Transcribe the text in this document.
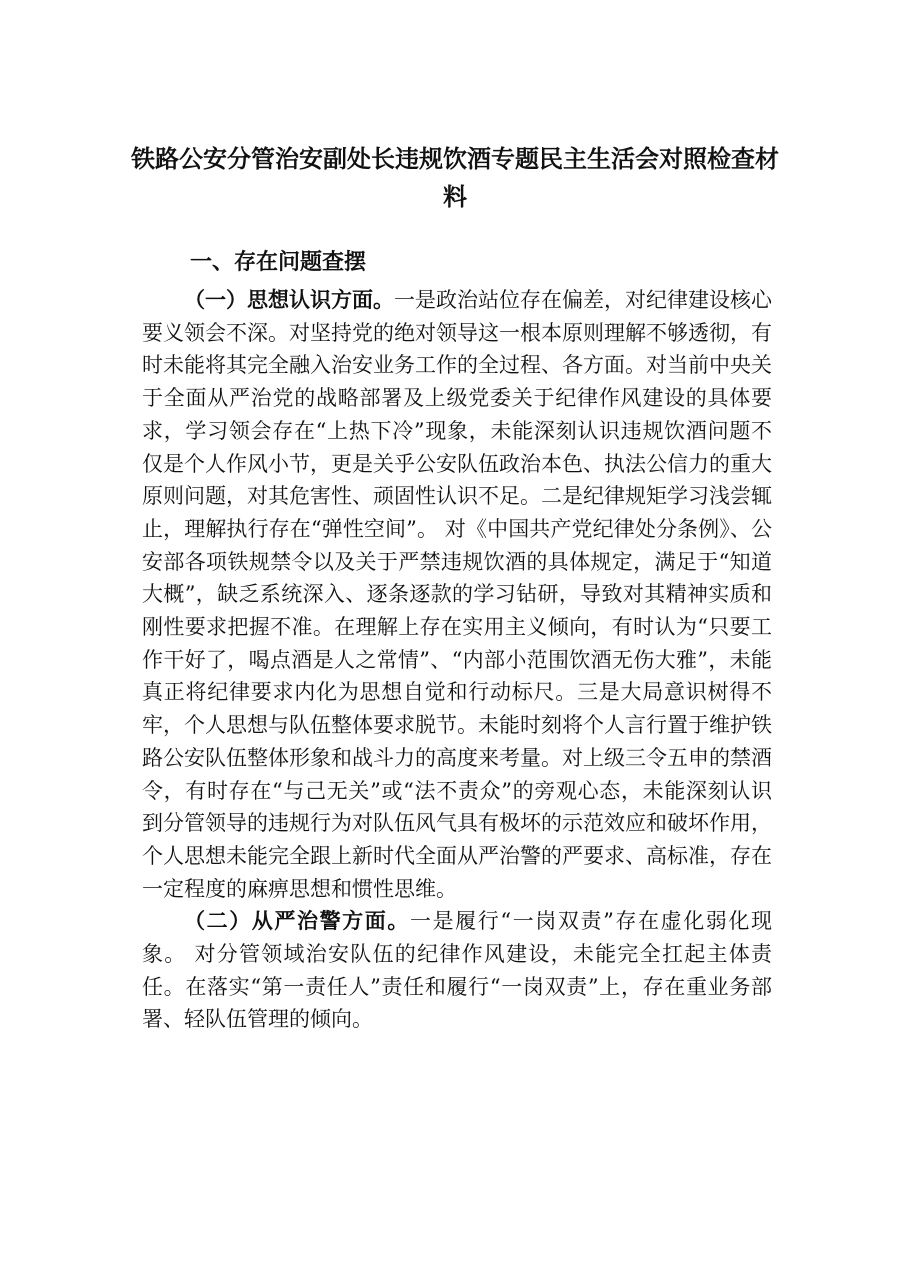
铁路公安分管治安副处长违规饮酒专题民主生活会对照检查材料
一、存在问题查摆

（一）思想认识方面。一是政治站位存在偏差，对纪律建设核心要义领会不深。对坚持党的绝对领导这一根本原则理解不够透彻，有时未能将其完全融入治安业务工作的全过程、各方面。对当前中央关于全面从严治党的战略部署及上级党委关于纪律作风建设的具体要求，学习领会存在“上热下冷”现象，未能深刻认识违规饮酒问题不仅是个人作风小节，更是关乎公安队伍政治本色、执法公信力的重大原则问题，对其危害性、顽固性认识不足。二是纪律规矩学习浅尝辄止，理解执行存在“弹性空间”。 对《中国共产党纪律处分条例》、公安部各项铁规禁令以及关于严禁违规饮酒的具体规定，满足于“知道大概”，缺乏系统深入、逐条逐款的学习钻研，导致对其精神实质和刚性要求把握不准。在理解上存在实用主义倾向，有时认为“只要工作干好了，喝点酒是人之常情”、“内部小范围饮酒无伤大雅”，未能真正将纪律要求内化为思想自觉和行动标尺。三是大局意识树得不牢，个人思想与队伍整体要求脱节。未能时刻将个人言行置于维护铁路公安队伍整体形象和战斗力的高度来考量。对上级三令五申的禁酒令，有时存在“与己无关”或“法不责众”的旁观心态，未能深刻认识到分管领导的违规行为对队伍风气具有极坏的示范效应和破坏作用，个人思想未能完全跟上新时代全面从严治警的严要求、高标准，存在一定程度的麻痹思想和惯性思维。

（二）从严治警方面。一是履行“一岗双责”存在虚化弱化现象。 对分管领域治安队伍的纪律作风建设，未能完全扛起主体责任。在落实“第一责任人”责任和履行“一岗双责”上，存在重业务部署、轻队伍管理的倾向。
